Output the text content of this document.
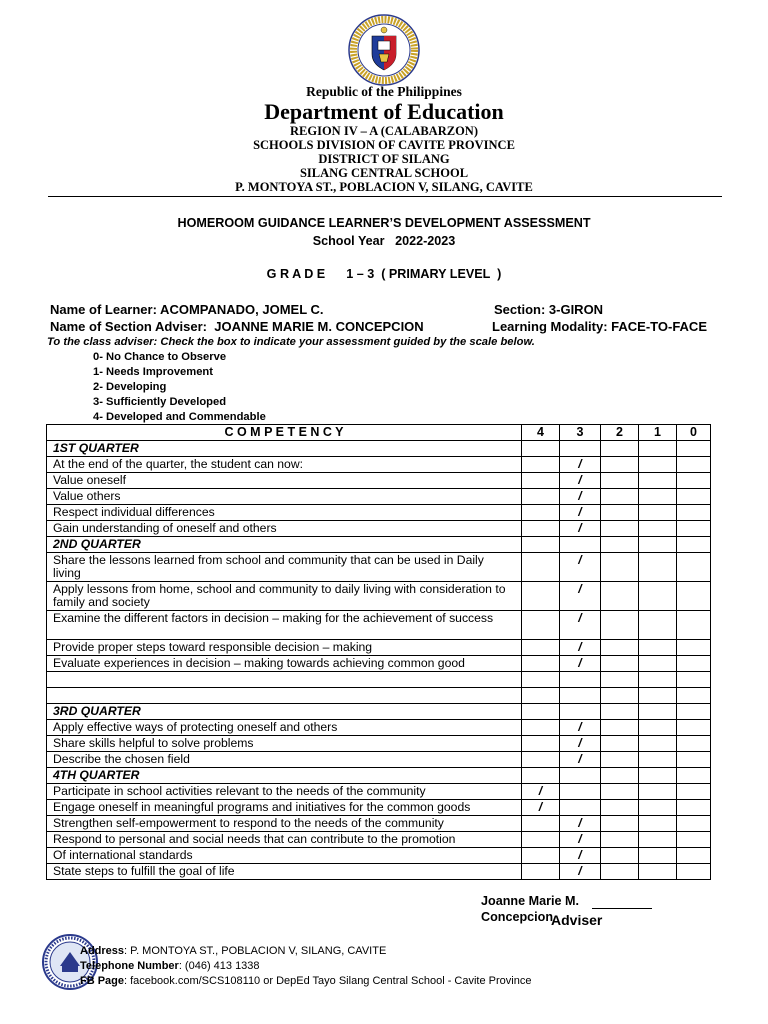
Republic of the Philippines
Department of Education
REGION IV – A (CALABARZON)
SCHOOLS DIVISION OF CAVITE PROVINCE
DISTRICT OF SILANG
SILANG CENTRAL SCHOOL
P. MONTOYA ST., POBLACION V, SILANG, CAVITE
HOMEROOM GUIDANCE LEARNER’S DEVELOPMENT ASSESSMENT
School Year   2022-2023
G R A D E      1 – 3  ( PRIMARY LEVEL  )
Name of Learner: ACOMPANADO, JOMEL C.	Section: 3-GIRON
Name of Section Adviser:  JOANNE MARIE M. CONCEPCION	Learning Modality: FACE-TO-FACE
To the class adviser: Check the box to indicate your assessment guided by the scale below.
0- No Chance to Observe
1- Needs Improvement
2- Developing
3- Sufficiently Developed
4- Developed and Commendable
C O M P E T E N C Y	4	3	2	1	0
1ST QUARTER					
At the end of the quarter, the student can now:		/			
Value oneself		/			
Value others		/			
Respect individual differences		/			
Gain understanding of oneself and others		/			
2ND QUARTER					
Share the lessons learned from school and community that can be used in Daily living		/			
Apply lessons from home, school and community to daily living with consideration to family and society		/			
Examine the different factors in decision – making for the achievement of success		/			
Provide proper steps toward responsible decision – making		/			
Evaluate experiences in decision – making towards achieving common good		/			

3RD QUARTER					
Apply effective ways of protecting oneself and others		/			
Share skills helpful to solve problems		/			
Describe the chosen field		/			
4TH QUARTER					
Participate in school activities relevant to the needs of the community	/				
Engage oneself in meaningful programs and initiatives for the common goods	/				
Strengthen self-empowerment to respond to the needs of the community		/			
Respond to personal and social needs that can contribute to the promotion		/			
Of international standards		/			
State steps to fulfill the goal of life		/			
Joanne Marie M.
Concepcion
Adviser
Address: P. MONTOYA ST., POBLACION V, SILANG, CAVITE
Telephone Number: (046) 413 1338
FB Page: facebook.com/SCS108110 or DepEd Tayo Silang Central School - Cavite Province
